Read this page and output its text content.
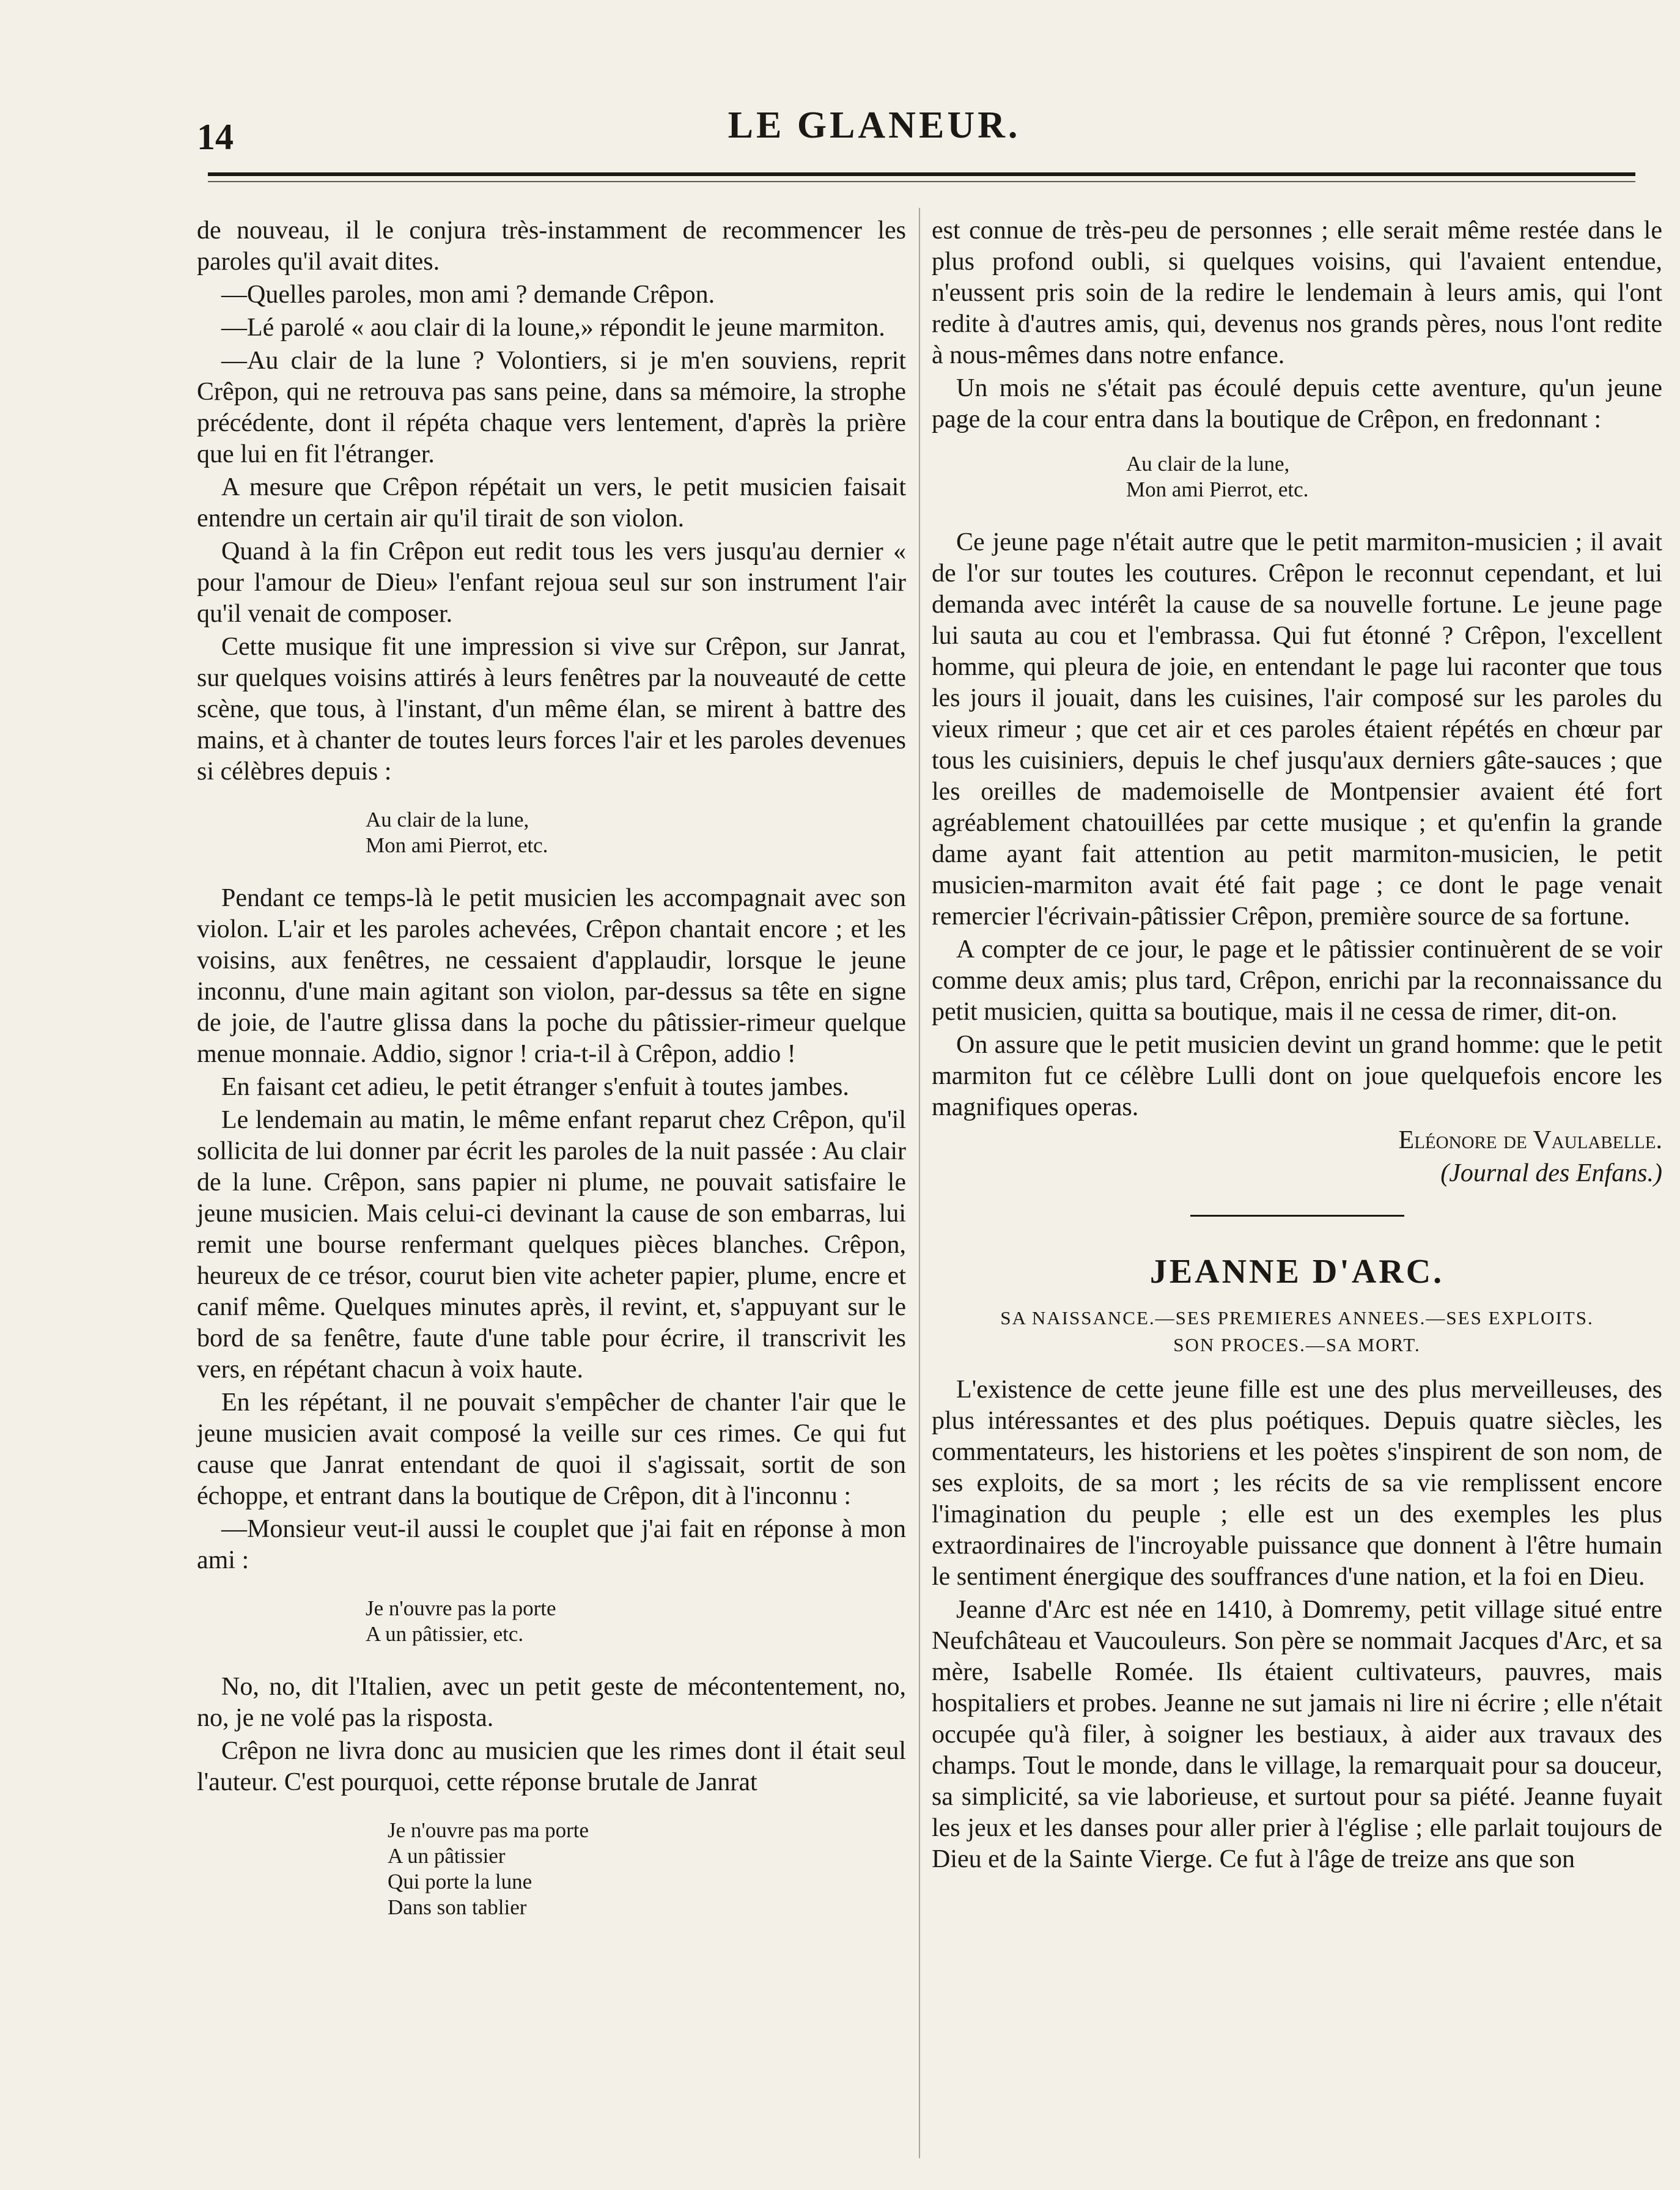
14	LE GLANEUR.

de nouveau, il le conjura très-instamment de recommencer les paroles qu'il avait dites.

—Quelles paroles, mon ami ? demande Crêpon.

—Lé parolé « aou clair di la loune,» répondit le jeune marmiton.

—Au clair de la lune ? Volontiers, si je m'en souviens, reprit Crêpon, qui ne retrouva pas sans peine, dans sa mémoire, la strophe précédente, dont il répéta chaque vers lentement, d'après la prière que lui en fit l'étranger.

A mesure que Crêpon répétait un vers, le petit musicien faisait entendre un certain air qu'il tirait de son violon.

Quand à la fin Crêpon eut redit tous les vers jusqu'au dernier « pour l'amour de Dieu» l'enfant rejoua seul sur son instrument l'air qu'il venait de composer.

Cette musique fit une impression si vive sur Crêpon, sur Janrat, sur quelques voisins attirés à leurs fenêtres par la nouveauté de cette scène, que tous, à l'instant, d'un même élan, se mirent à battre des mains, et à chanter de toutes leurs forces l'air et les paroles devenues si célèbres depuis :

Au clair de la lune,
Mon ami Pierrot, etc.

Pendant ce temps-là le petit musicien les accompagnait avec son violon. L'air et les paroles achevées, Crêpon chantait encore ; et les voisins, aux fenêtres, ne cessaient d'applaudir, lorsque le jeune inconnu, d'une main agitant son violon, par-dessus sa tête en signe de joie, de l'autre glissa dans la poche du pâtissier-rimeur quelque menue monnaie. Addio, signor ! cria-t-il à Crêpon, addio !

En faisant cet adieu, le petit étranger s'enfuit à toutes jambes.

Le lendemain au matin, le même enfant reparut chez Crêpon, qu'il sollicita de lui donner par écrit les paroles de la nuit passée : Au clair de la lune. Crêpon, sans papier ni plume, ne pouvait satisfaire le jeune musicien. Mais celui-ci devinant la cause de son embarras, lui remit une bourse renfermant quelques pièces blanches. Crêpon, heureux de ce trésor, courut bien vite acheter papier, plume, encre et canif même. Quelques minutes après, il revint, et, s'appuyant sur le bord de sa fenêtre, faute d'une table pour écrire, il transcrivit les vers, en répétant chacun à voix haute.

En les répétant, il ne pouvait s'empêcher de chanter l'air que le jeune musicien avait composé la veille sur ces rimes. Ce qui fut cause que Janrat entendant de quoi il s'agissait, sortit de son échoppe, et entrant dans la boutique de Crêpon, dit à l'inconnu :

—Monsieur veut-il aussi le couplet que j'ai fait en réponse à mon ami :

Je n'ouvre pas la porte
A un pâtissier, etc.

No, no, dit l'Italien, avec un petit geste de mécontentement, no, no, je ne volé pas la risposta.

Crêpon ne livra donc au musicien que les rimes dont il était seul l'auteur. C'est pourquoi, cette réponse brutale de Janrat

Je n'ouvre pas ma porte
A un pâtissier
Qui porte la lune
Dans son tablier

est connue de très-peu de personnes ; elle serait même restée dans le plus profond oubli, si quelques voisins, qui l'avaient entendue, n'eussent pris soin de la redire le lendemain à leurs amis, qui l'ont redite à d'autres amis, qui, devenus nos grands pères, nous l'ont redite à nous-mêmes dans notre enfance.

Un mois ne s'était pas écoulé depuis cette aventure, qu'un jeune page de la cour entra dans la boutique de Crêpon, en fredonnant :

Au clair de la lune,
Mon ami Pierrot, etc.

Ce jeune page n'était autre que le petit marmiton-musicien ; il avait de l'or sur toutes les coutures. Crêpon le reconnut cependant, et lui demanda avec intérêt la cause de sa nouvelle fortune. Le jeune page lui sauta au cou et l'embrassa. Qui fut étonné ? Crêpon, l'excellent homme, qui pleura de joie, en entendant le page lui raconter que tous les jours il jouait, dans les cuisines, l'air composé sur les paroles du vieux rimeur ; que cet air et ces paroles étaient répétés en chœur par tous les cuisiniers, depuis le chef jusqu'aux derniers gâte-sauces ; que les oreilles de mademoiselle de Montpensier avaient été fort agréablement chatouillées par cette musique ; et qu'enfin la grande dame ayant fait attention au petit marmiton-musicien, le petit musicien-marmiton avait été fait page ; ce dont le page venait remercier l'écrivain-pâtissier Crêpon, première source de sa fortune.

A compter de ce jour, le page et le pâtissier continuèrent de se voir comme deux amis; plus tard, Crêpon, enrichi par la reconnaissance du petit musicien, quitta sa boutique, mais il ne cessa de rimer, dit-on.

On assure que le petit musicien devint un grand homme: que le petit marmiton fut ce célèbre Lulli dont on joue quelquefois encore les magnifiques operas.

Eléonore de Vaulabelle.

(Journal des Enfans.)

JEANNE D'ARC.
SA NAISSANCE.—SES PREMIERES ANNEES.—SES EXPLOITS.
SON PROCES.—SA MORT.

L'existence de cette jeune fille est une des plus merveilleuses, des plus intéressantes et des plus poétiques. Depuis quatre siècles, les commentateurs, les historiens et les poètes s'inspirent de son nom, de ses exploits, de sa mort ; les récits de sa vie remplissent encore l'imagination du peuple ; elle est un des exemples les plus extraordinaires de l'incroyable puissance que donnent à l'être humain le sentiment énergique des souffrances d'une nation, et la foi en Dieu.

Jeanne d'Arc est née en 1410, à Domremy, petit village situé entre Neufchâteau et Vaucouleurs. Son père se nommait Jacques d'Arc, et sa mère, Isabelle Romée. Ils étaient cultivateurs, pauvres, mais hospitaliers et probes. Jeanne ne sut jamais ni lire ni écrire ; elle n'était occupée qu'à filer, à soigner les bestiaux, à aider aux travaux des champs. Tout le monde, dans le village, la remarquait pour sa douceur, sa simplicité, sa vie laborieuse, et surtout pour sa piété. Jeanne fuyait les jeux et les danses pour aller prier à l'église ; elle parlait toujours de Dieu et de la Sainte Vierge. Ce fut à l'âge de treize ans que son
